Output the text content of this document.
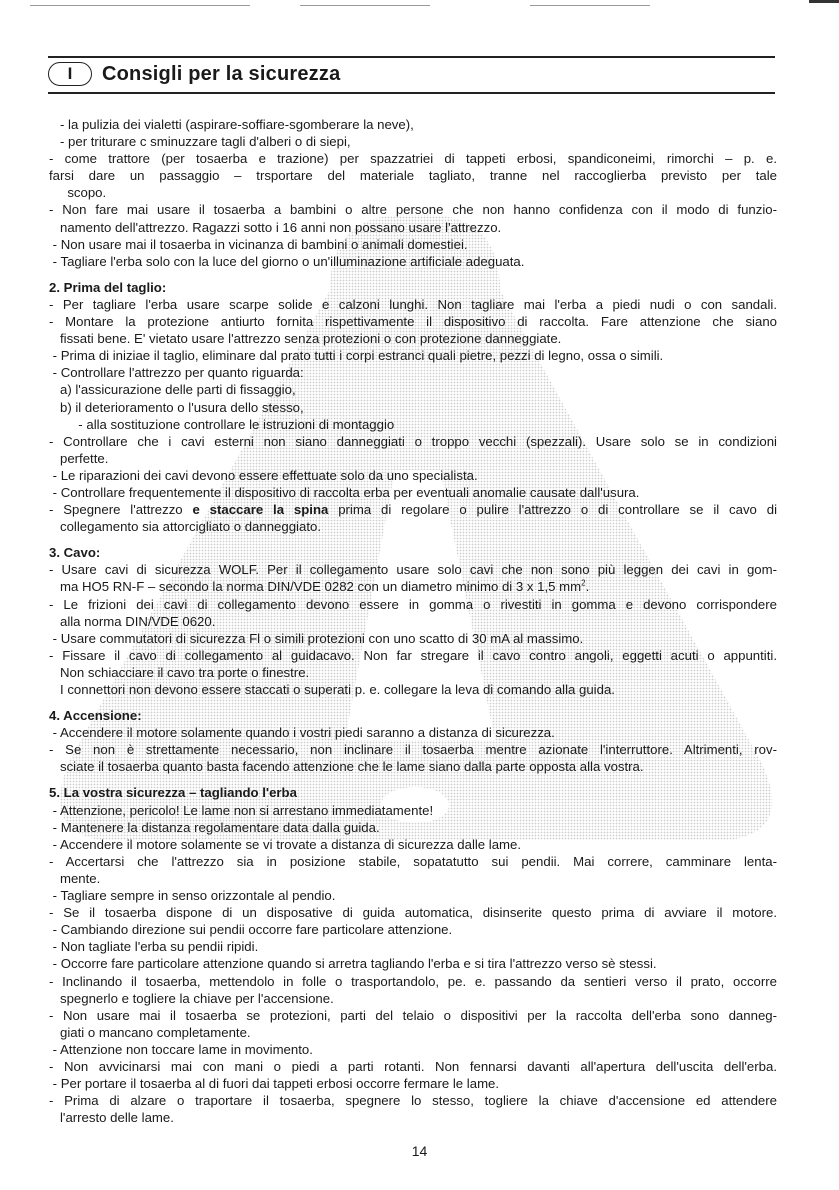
I	Consigli per la sicurezza
- la pulizia dei vialetti (aspirare-soffiare-sgomberare la neve),
- per triturare c sminuzzare tagli d'alberi o di siepi,
- come trattore (per tosaerba e trazione) per spazzatriei di tappeti erbosi, spandiconeimi, rimorchi – p. e.
farsi dare un passaggio – trsportare del materiale tagliato, tranne nel raccoglierba previsto per tale
scopo.
- Non fare mai usare il tosaerba a bambini o altre persone che non hanno confidenza con il modo di funzio-
namento dell'attrezzo. Ragazzi sotto i 16 anni non possano usare l'attrezzo.
- Non usare mai il tosaerba in vicinanza di bambini o animali domestiei.
- Tagliare l'erba solo con la luce del giorno o un'illuminazione artificiale adeguata.
2. Prima del taglio:
- Per tagliare l'erba usare scarpe solide e calzoni lunghi. Non tagliare mai l'erba a piedi nudi o con sandali.
- Montare la protezione antiurto fornita rispettivamente il dispositivo di raccolta. Fare attenzione che siano
fissati bene. E' vietato usare l'attrezzo senza protezioni o con protezione danneggiate.
- Prima di iniziae il taglio, eliminare dal prato tutti i corpi estranci quali pietre, pezzi di legno, ossa o simili.
- Controllare l'attrezzo per quanto riguarda:
a) l'assicurazione delle parti di fissaggio,
b) il deterioramento o l'usura dello stesso,
- alla sostituzione controllare le istruzioni di montaggio
- Controllare che i cavi esterni non siano danneggiati o troppo vecchi (spezzali). Usare solo se in condizioni
perfette.
- Le riparazioni dei cavi devono essere effettuate solo da uno specialista.
- Controllare frequentemente il dispositivo di raccolta erba per eventuali anomalie causate dall'usura.
- Spegnere l'attrezzo e staccare la spina prima di regolare o pulire l'attrezzo o di controllare se il cavo di
collegamento sia attorcigliato o danneggiato.
3. Cavo:
- Usare cavi di sicurezza WOLF. Per il collegamento usare solo cavi che non sono più leggen dei cavi in gom-
ma HO5 RN-F – secondo la norma DIN/VDE 0282 con un diametro minimo di 3 x 1,5 $mm^2$.
- Le frizioni dei cavi di collegamento devono essere in gomma o rivestiti in gomma e devono corrispondere
alla norma DIN/VDE 0620.
- Usare commutatori di sicurezza Fl o simili protezioni con uno scatto di 30 mA al massimo.
- Fissare il cavo di collegamento al guidacavo. Non far stregare il cavo contro angoli, eggetti acuti o appuntiti.
Non schiacciare il cavo tra porte o finestre.
I connettori non devono essere staccati o superati p. e. collegare la leva di comando alla guida.
4. Accensione:
- Accendere il motore solamente quando i vostri piedi saranno a distanza di sicurezza.
- Se non è strettamente necessario, non inclinare il tosaerba mentre azionate l'interruttore. Altrimenti, rov-
sciate il tosaerba quanto basta facendo attenzione che le lame siano dalla parte opposta alla vostra.
5. La vostra sicurezza – tagliando l'erba
- Attenzione, pericolo! Le lame non si arrestano immediatamente!
- Mantenere la distanza regolamentare data dalla guida.
- Accendere il motore solamente se vi trovate a distanza di sicurezza dalle lame.
- Accertarsi che l'attrezzo sia in posizione stabile, sopatatutto sui pendii. Mai correre, camminare lenta-
mente.
- Tagliare sempre in senso orizzontale al pendio.
- Se il tosaerba dispone di un disposative di guida automatica, disinserite questo prima di avviare il motore.
- Cambiando direzione sui pendii occorre fare particolare attenzione.
- Non tagliate l'erba su pendii ripidi.
- Occorre fare particolare attenzione quando si arretra tagliando l'erba e si tira l'attrezzo verso sè stessi.
- Inclinando il tosaerba, mettendolo in folle o trasportandolo, pe. e. passando da sentieri verso il prato, occorre
spegnerlo e togliere la chiave per l'accensione.
- Non usare mai il tosaerba se protezioni, parti del telaio o dispositivi per la raccolta dell'erba sono danneg-
giati o mancano completamente.
- Attenzione non toccare lame in movimento.
- Non avvicinarsi mai con mani o piedi a parti rotanti. Non fennarsi davanti all'apertura dell'uscita dell'erba.
- Per portare il tosaerba al di fuori dai tappeti erbosi occorre fermare le lame.
- Prima di alzare o traportare il tosaerba, spegnere lo stesso, togliere la chiave d'accensione ed attendere
l'arresto delle lame.
14
